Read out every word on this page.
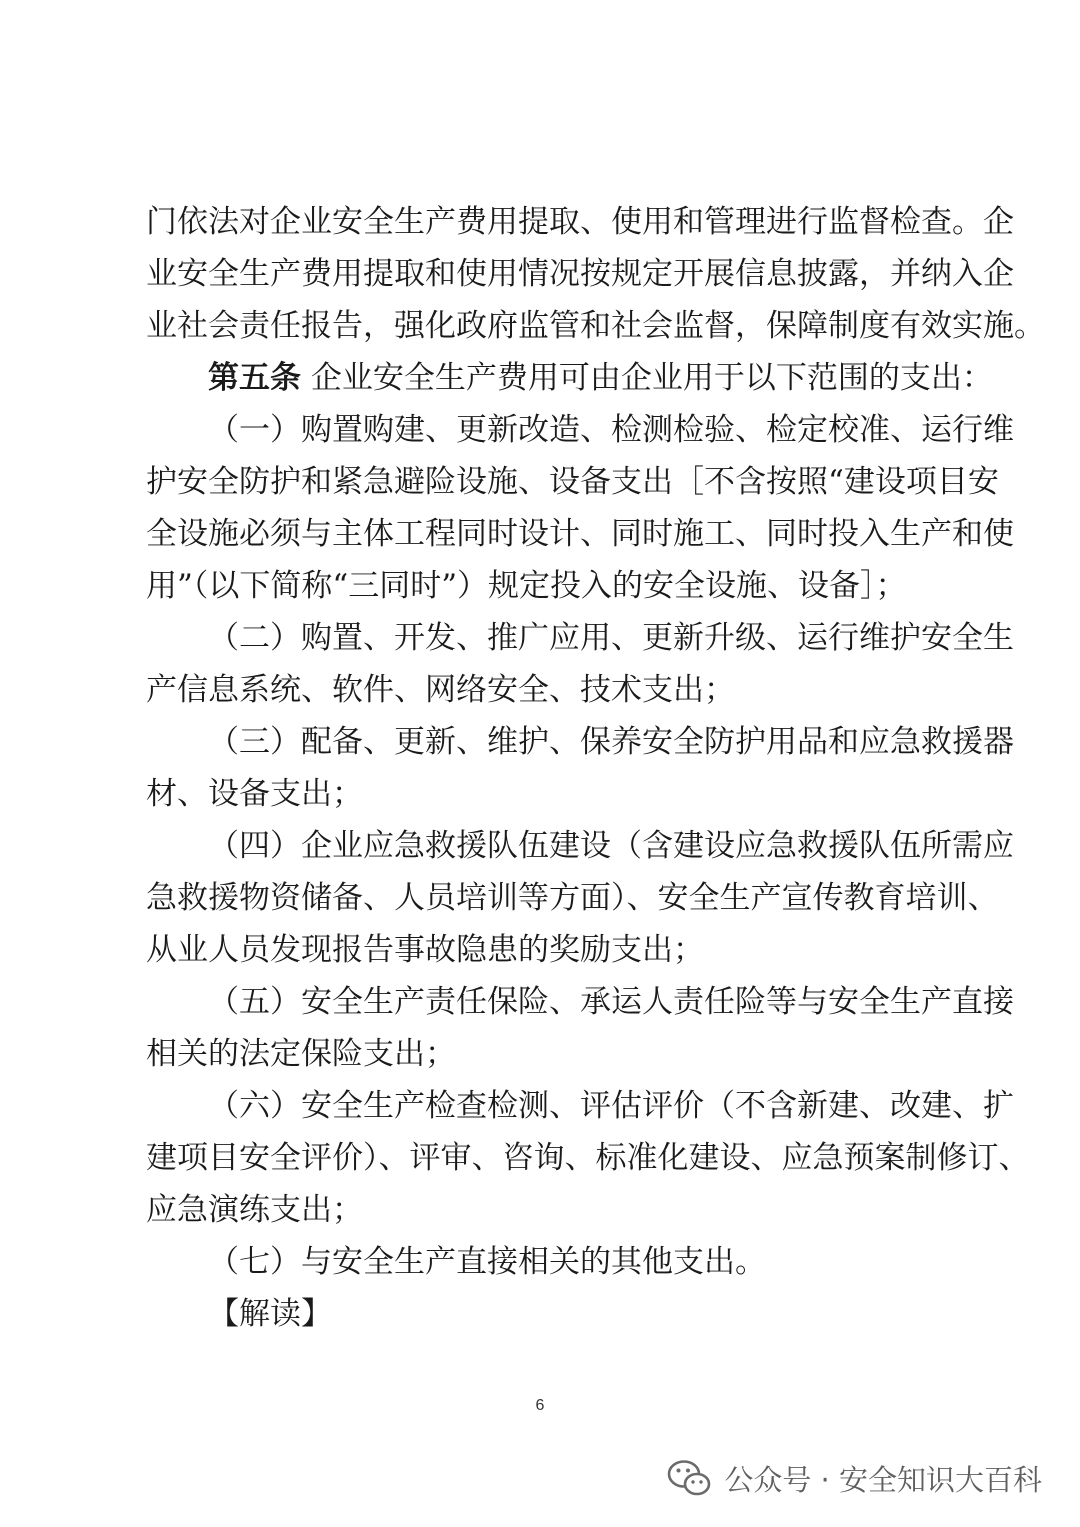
门依法对企业安全生产费用提取、使用和管理进行监督检查。企
业安全生产费用提取和使用情况按规定开展信息披露，并纳入企
业社会责任报告，强化政府监管和社会监督，保障制度有效实施。
第五条 企业安全生产费用可由企业用于以下范围的支出：
（一）购置购建、更新改造、检测检验、检定校准、运行维
护安全防护和紧急避险设施、设备支出［不含按照“建设项目安
全设施必须与主体工程同时设计、同时施工、同时投入生产和使
用”（以下简称“三同时”）规定投入的安全设施、设备］；
（二）购置、开发、推广应用、更新升级、运行维护安全生
产信息系统、软件、网络安全、技术支出；
（三）配备、更新、维护、保养安全防护用品和应急救援器
材、设备支出；
（四）企业应急救援队伍建设（含建设应急救援队伍所需应
急救援物资储备、人员培训等方面）、安全生产宣传教育培训、
从业人员发现报告事故隐患的奖励支出；
（五）安全生产责任保险、承运人责任险等与安全生产直接
相关的法定保险支出；
（六）安全生产检查检测、评估评价（不含新建、改建、扩
建项目安全评价）、评审、咨询、标准化建设、应急预案制修订、
应急演练支出；
（七）与安全生产直接相关的其他支出。
【解读】
6
公众号 · 安全知识大百科
